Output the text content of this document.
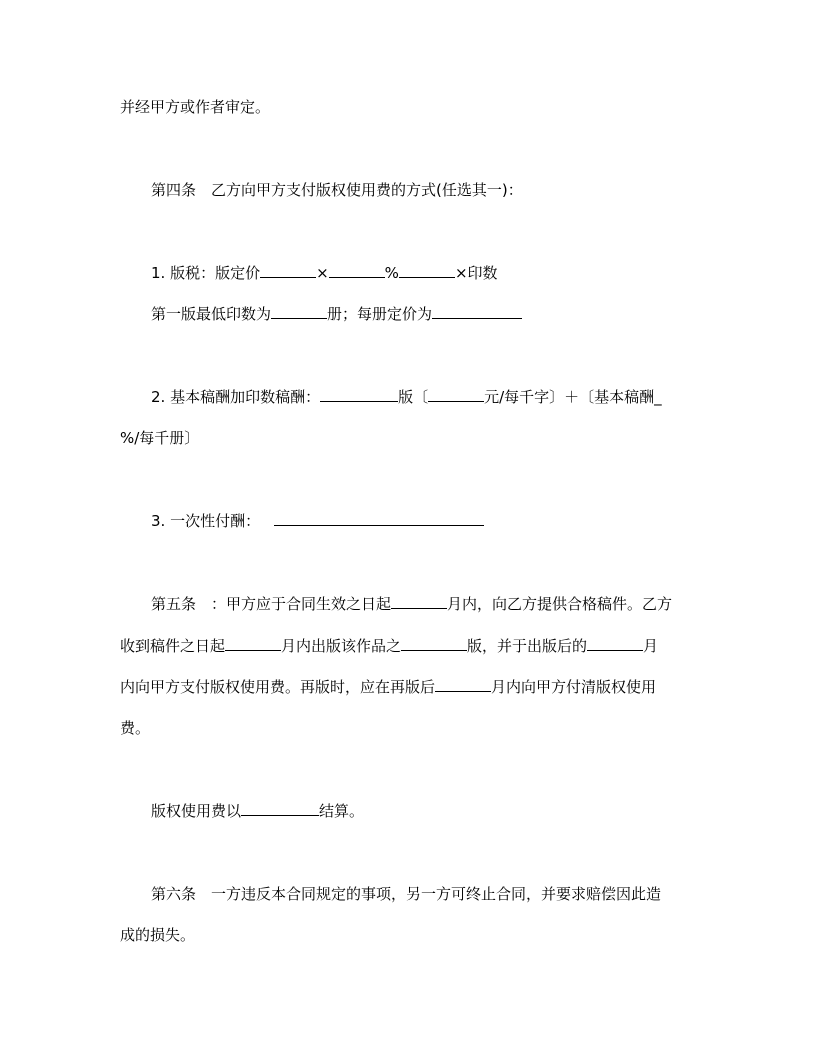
并经甲方或作者审定。
第四条　乙方向甲方支付版权使用费的方式(任选其一)：
1. 版税：版定价	×	%	×印数
第一版最低印数为	册；每册定价为
2. 基本稿酬加印数稿酬：	版〔	元/每千字〕＋〔基本稿酬_
%/每千册〕
3. 一次性付酬：
第五条　：甲方应于合同生效之日起	月内，向乙方提供合格稿件。乙方
收到稿件之日起	月内出版该作品之	版，并于出版后的	月
内向甲方支付版权使用费。再版时，应在再版后	月内向甲方付清版权使用
费。
版权使用费以	结算。
第六条　一方违反本合同规定的事项，另一方可终止合同，并要求赔偿因此造
成的损失。
